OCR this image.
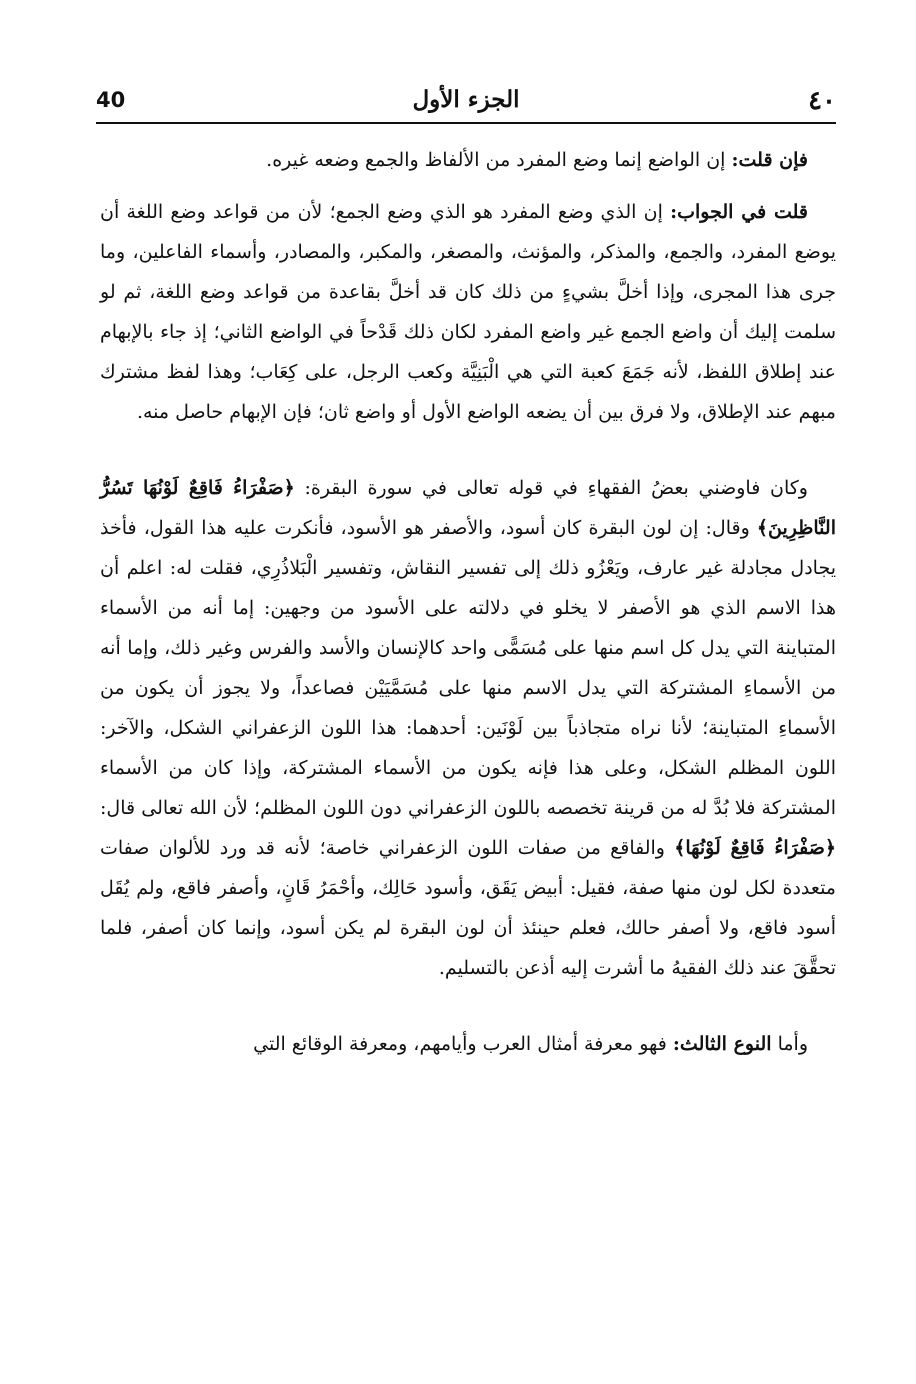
40	الجزء الأول	٤٠

فإن قلت: إن الواضع إنما وضع المفرد من الألفاظ والجمع وضعه غيره.

قلت في الجواب: إن الذي وضع المفرد هو الذي وضع الجمع؛ لأن من قواعد وضع اللغة أن يوضع المفرد، والجمع، والمذكر، والمؤنث، والمصغر، والمكبر، والمصادر، وأسماء الفاعلين، وما جرى هذا المجرى، وإذا أخلَّ بشيءٍ من ذلك كان قد أخلَّ بقاعدة من قواعد وضع اللغة، ثم لو سلمت إليك أن واضع الجمع غير واضع المفرد لكان ذلك قَدْحاً في الواضع الثاني؛ إذ جاء بالإبهام عند إطلاق اللفظ، لأنه جَمَعَ كعبة التي هي الْبَنِيَّة وكعب الرجل، على كِعَاب؛ وهذا لفظ مشترك مبهم عند الإطلاق، ولا فرق بين أن يضعه الواضع الأول أو واضع ثان؛ فإن الإبهام حاصل منه.

وكان فاوضني بعضُ الفقهاءِ في قوله تعالى في سورة البقرة: ﴿صَفْرَاءُ فَاقِعٌ لَوْنُهَا تَسُرُّ النَّاظِرِينَ﴾ وقال: إن لون البقرة كان أسود، والأصفر هو الأسود، فأنكرت عليه هذا القول، فأخذ يجادل مجادلة غير عارف، ويَعْزُو ذلك إلى تفسير النقاش، وتفسير الْبَلاذُرِي، فقلت له: اعلم أن هذا الاسم الذي هو الأصفر لا يخلو في دلالته على الأسود من وجهين: إما أنه من الأسماء المتباينة التي يدل كل اسم منها على مُسَمًّى واحد كالإنسان والأسد والفرس وغير ذلك، وإما أنه من الأسماءِ المشتركة التي يدل الاسم منها على مُسَمَّيَيْن فصاعداً، ولا يجوز أن يكون من الأسماءِ المتباينة؛ لأنا نراه متجاذباً بين لَوْنَين: أحدهما: هذا اللون الزعفراني الشكل، والآخر: اللون المظلم الشكل، وعلى هذا فإنه يكون من الأسماء المشتركة، وإذا كان من الأسماء المشتركة فلا بُدَّ له من قرينة تخصصه باللون الزعفراني دون اللون المظلم؛ لأن الله تعالى قال: ﴿صَفْرَاءُ فَاقِعٌ لَوْنُهَا﴾ والفاقع من صفات اللون الزعفراني خاصة؛ لأنه قد ورد للألوان صفات متعددة لكل لون منها صفة، فقيل: أبيض يَقَق، وأسود حَالِك، وأحْمَرُ قَانٍ، وأصفر فاقع، ولم يُقَل أسود فاقع، ولا أصفر حالك، فعلم حينئذ أن لون البقرة لم يكن أسود، وإنما كان أصفر، فلما تحقَّقَ عند ذلك الفقيهُ ما أشرت إليه أذعن بالتسليم.

وأما النوع الثالث: فهو معرفة أمثال العرب وأيامهم، ومعرفة الوقائع التي
